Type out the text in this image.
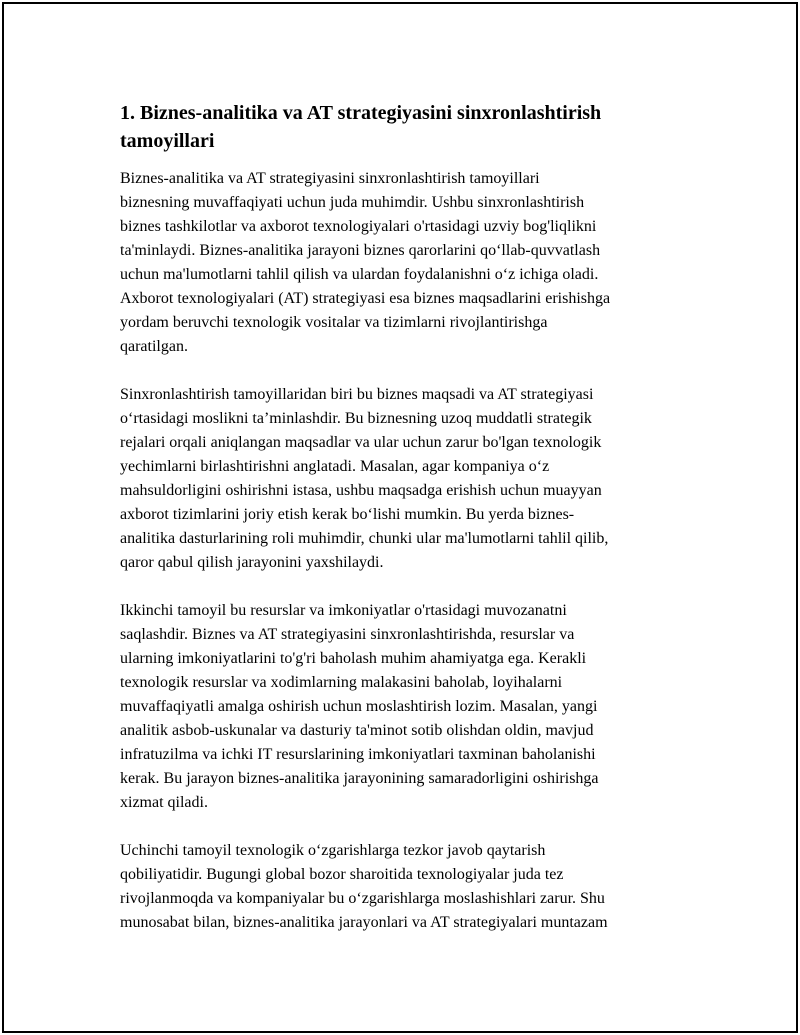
1. Biznes-analitika va AT strategiyasini sinxronlashtirish
tamoyillari

Biznes-analitika va AT strategiyasini sinxronlashtirish tamoyillari
biznesning muvaffaqiyati uchun juda muhimdir. Ushbu sinxronlashtirish
biznes tashkilotlar va axborot texnologiyalari o'rtasidagi uzviy bog'liqlikni
ta'minlaydi. Biznes-analitika jarayoni biznes qarorlarini qo‘llab-quvvatlash
uchun ma'lumotlarni tahlil qilish va ulardan foydalanishni o‘z ichiga oladi.
Axborot texnologiyalari (AT) strategiyasi esa biznes maqsadlarini erishishga
yordam beruvchi texnologik vositalar va tizimlarni rivojlantirishga
qaratilgan.

Sinxronlashtirish tamoyillaridan biri bu biznes maqsadi va AT strategiyasi
o‘rtasidagi moslikni ta’minlashdir. Bu biznesning uzoq muddatli strategik
rejalari orqali aniqlangan maqsadlar va ular uchun zarur bo'lgan texnologik
yechimlarni birlashtirishni anglatadi. Masalan, agar kompaniya o‘z
mahsuldorligini oshirishni istasa, ushbu maqsadga erishish uchun muayyan
axborot tizimlarini joriy etish kerak bo‘lishi mumkin. Bu yerda biznes-
analitika dasturlarining roli muhimdir, chunki ular ma'lumotlarni tahlil qilib,
qaror qabul qilish jarayonini yaxshilaydi.

Ikkinchi tamoyil bu resurslar va imkoniyatlar o'rtasidagi muvozanatni
saqlashdir. Biznes va AT strategiyasini sinxronlashtirishda, resurslar va
ularning imkoniyatlarini to'g'ri baholash muhim ahamiyatga ega. Kerakli
texnologik resurslar va xodimlarning malakasini baholab, loyihalarni
muvaffaqiyatli amalga oshirish uchun moslashtirish lozim. Masalan, yangi
analitik asbob-uskunalar va dasturiy ta'minot sotib olishdan oldin, mavjud
infratuzilma va ichki IT resurslarining imkoniyatlari taxminan baholanishi
kerak. Bu jarayon biznes-analitika jarayonining samaradorligini oshirishga
xizmat qiladi.

Uchinchi tamoyil texnologik o‘zgarishlarga tezkor javob qaytarish
qobiliyatidir. Bugungi global bozor sharoitida texnologiyalar juda tez
rivojlanmoqda va kompaniyalar bu o‘zgarishlarga moslashishlari zarur. Shu
munosabat bilan, biznes-analitika jarayonlari va AT strategiyalari muntazam
